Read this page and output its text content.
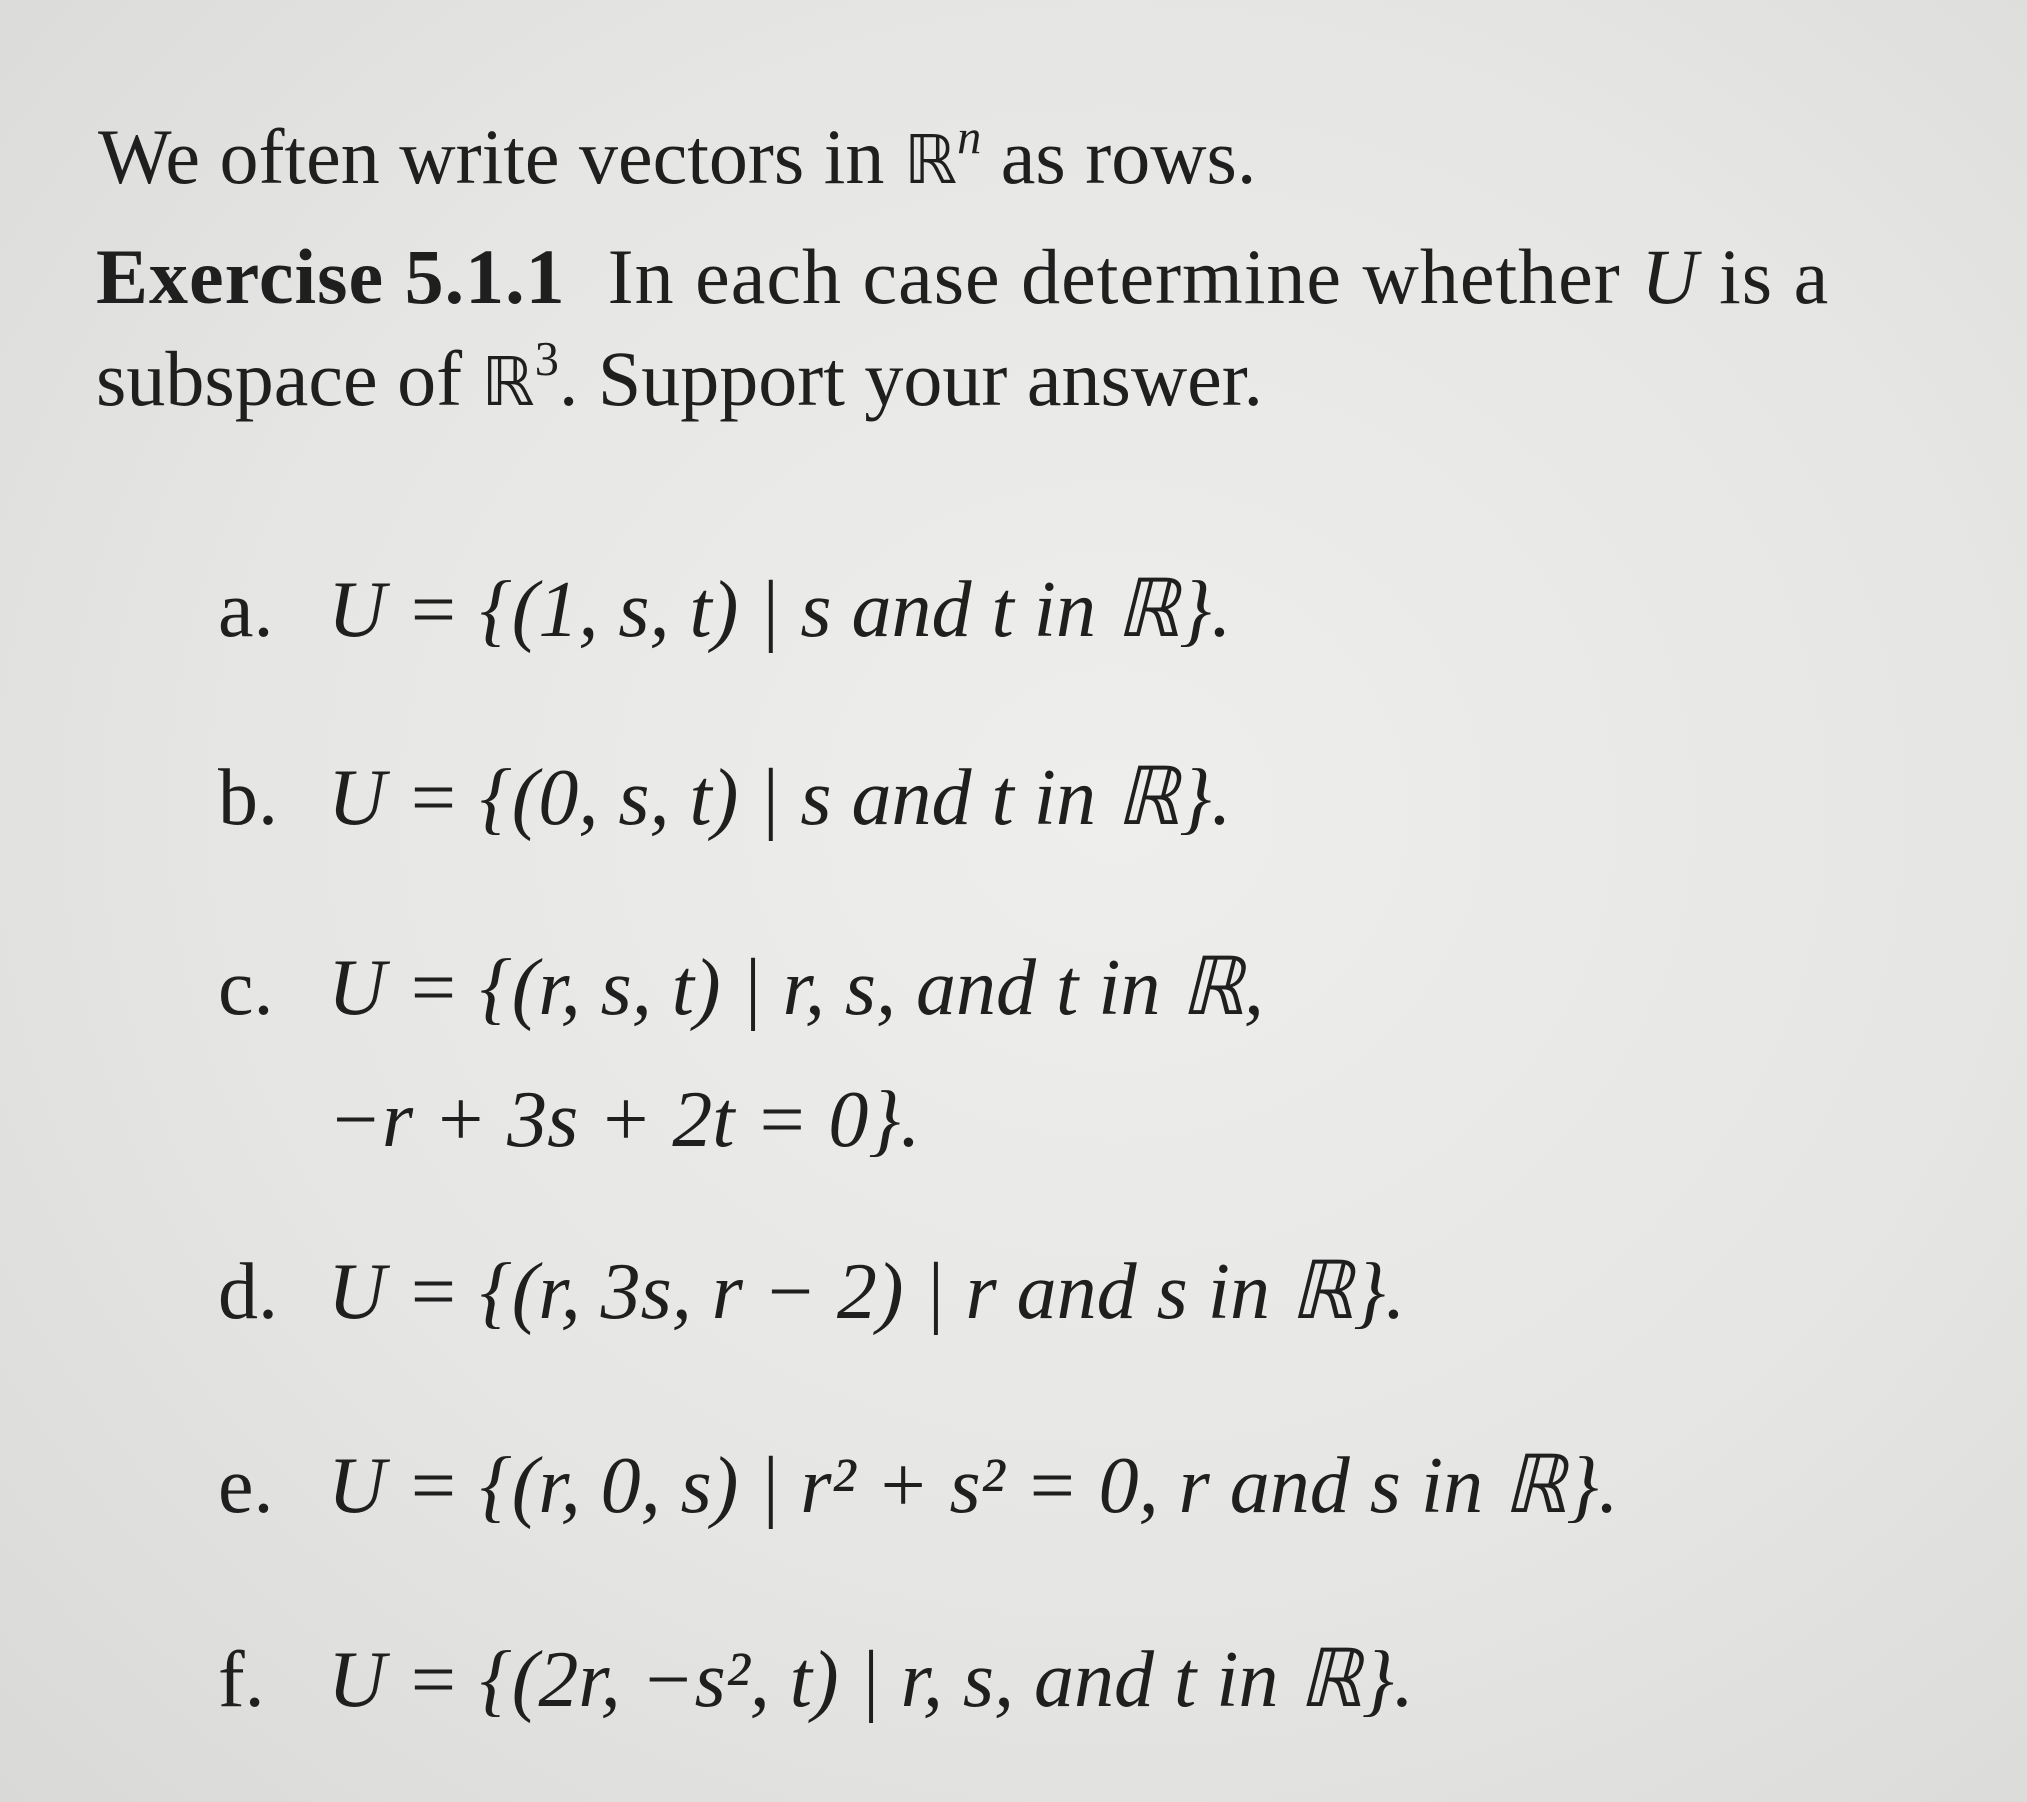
We often write vectors in ℝ$^n$ as rows.
Exercise 5.1.1 In each case determine whether U is a
subspace of ℝ$^3$. Support your answer.
a. U = {(1, s, t) | s and t in ℝ}.
b. U = {(0, s, t) | s and t in ℝ}.
c. U = {(r, s, t) | r, s, and t in ℝ,
−r + 3s + 2t = 0}.
d. U = {(r, 3s, r − 2) | r and s in ℝ}.
e. U = {(r, 0, s) | r² + s² = 0, r and s in ℝ}.
f. U = {(2r, −s², t) | r, s, and t in ℝ}.
